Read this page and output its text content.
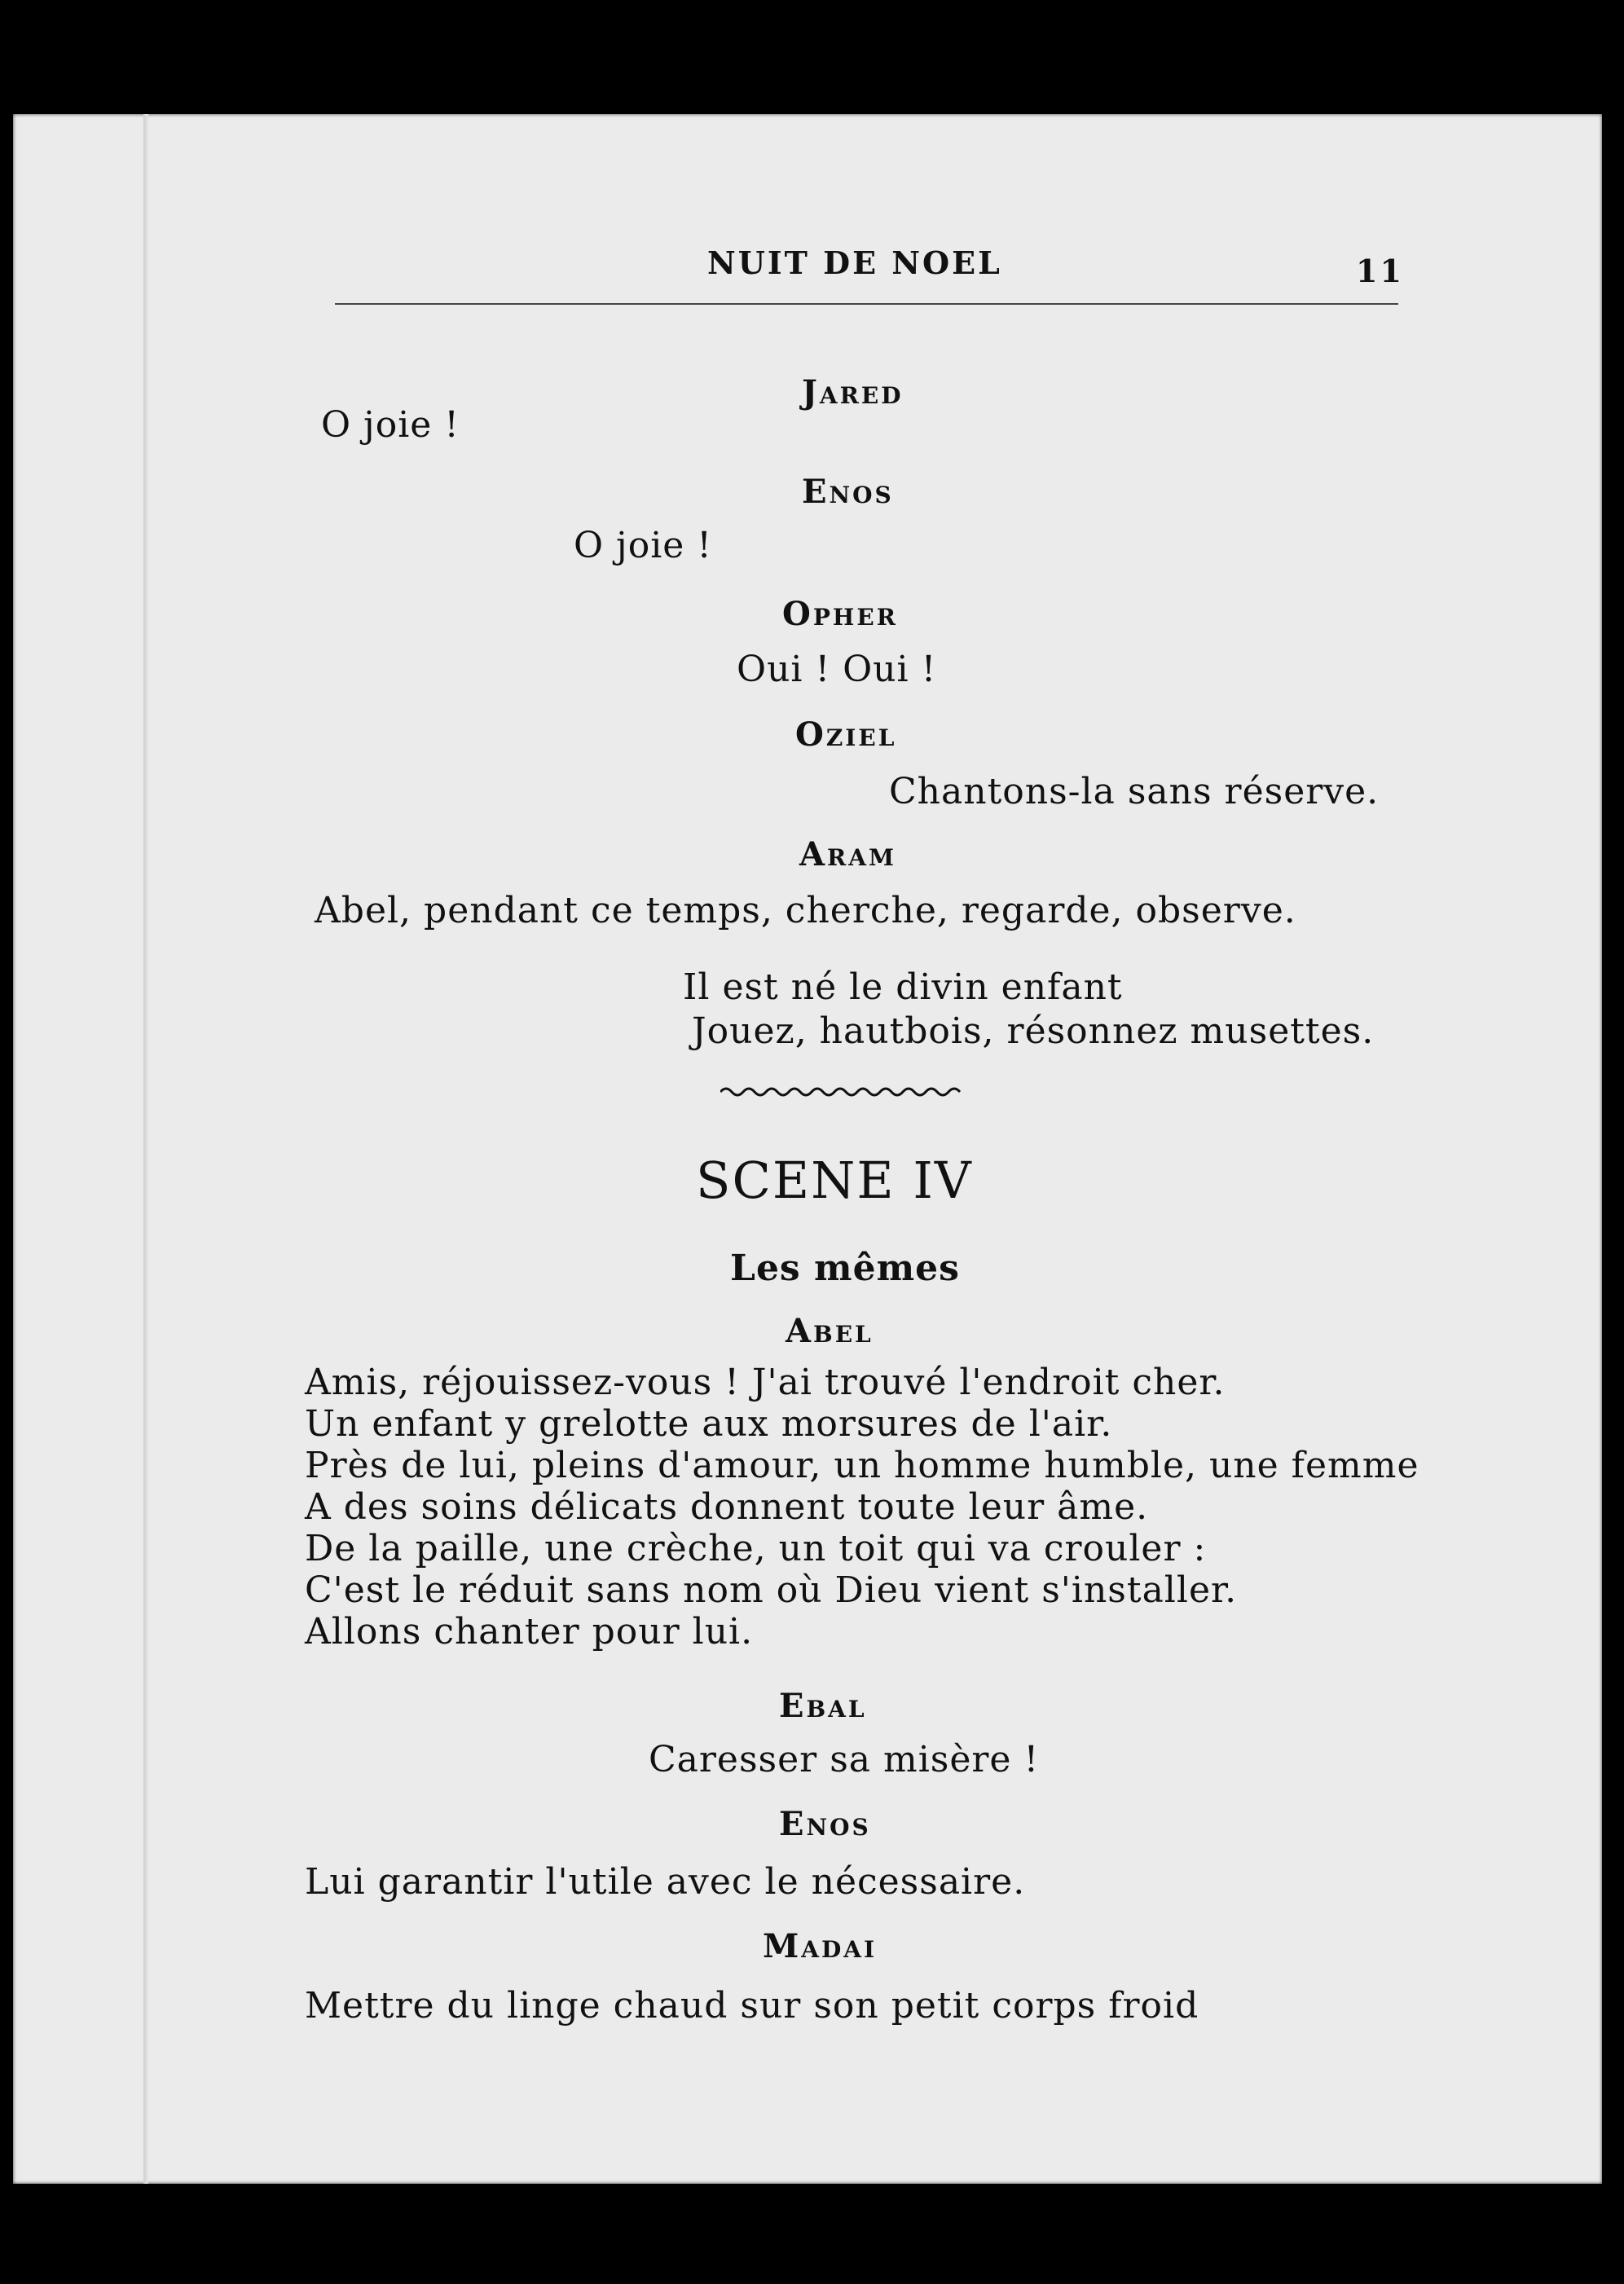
NUIT DE NOEL	11
Jared
O joie !
Enos
O joie !
Opher
Oui ! Oui !
Oziel
Chantons-la sans réserve.
Aram
Abel, pendant ce temps, cherche, regarde, observe.
Il est né le divin enfant
Jouez, hautbois, résonnez musettes.
SCENE IV
Les mêmes
Abel
Amis, réjouissez-vous ! J'ai trouvé l'endroit cher.
Un enfant y grelotte aux morsures de l'air.
Près de lui, pleins d'amour, un homme humble, une femme
A des soins délicats donnent toute leur âme.
De la paille, une crèche, un toit qui va crouler :
C'est le réduit sans nom où Dieu vient s'installer.
Allons chanter pour lui.
Ebal
Caresser sa misère !
Enos
Lui garantir l'utile avec le nécessaire.
Madai
Mettre du linge chaud sur son petit corps froid
